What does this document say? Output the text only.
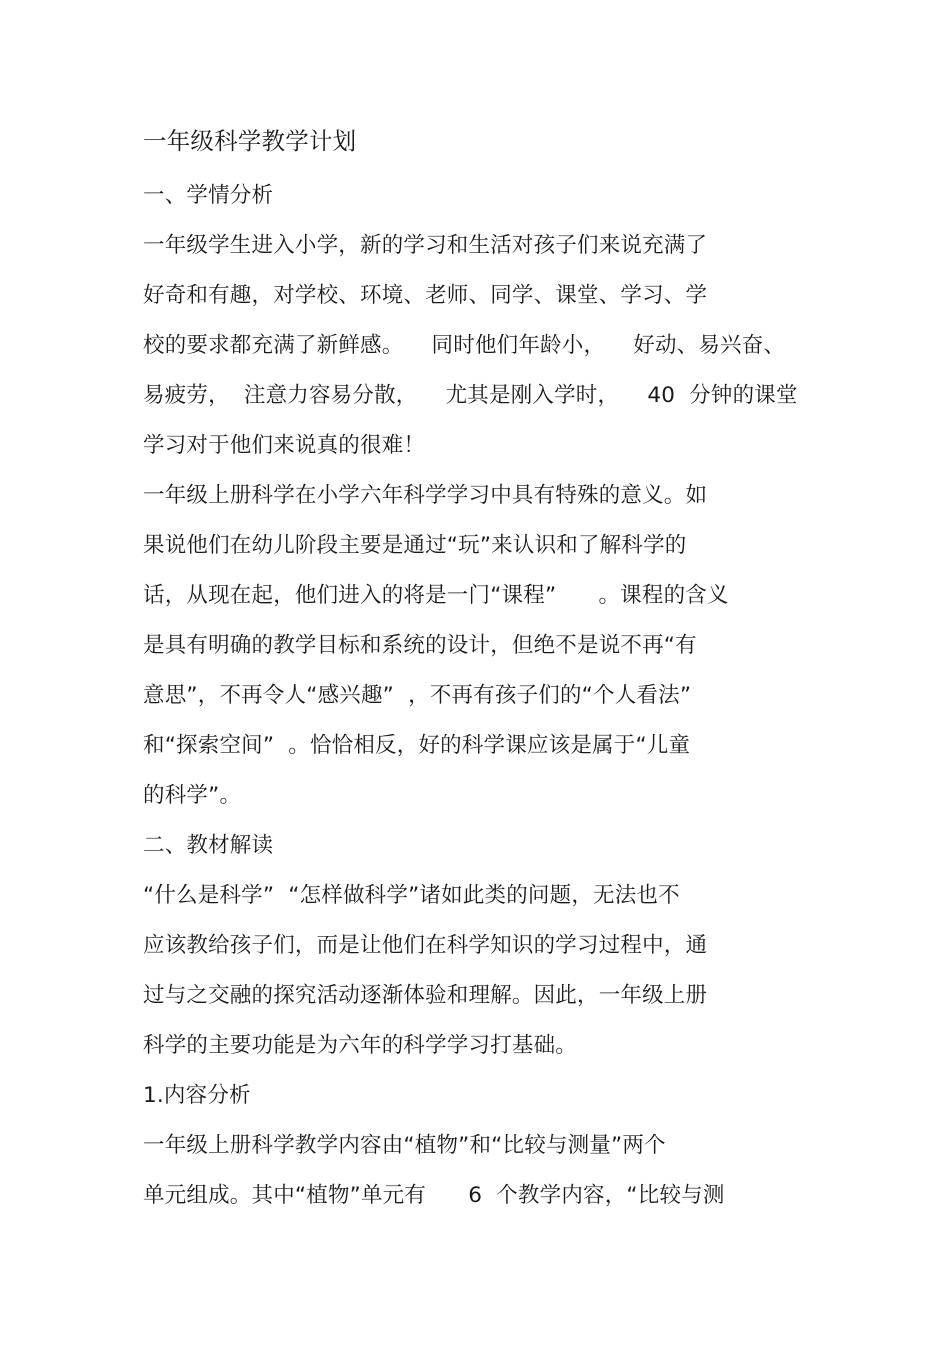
一年级科学教学计划
一、学情分析
一年级学生进入小学，新的学习和生活对孩子们来说充满了
好奇和有趣，对学校、环境、老师、同学、课堂、学习、学
校的要求都充满了新鲜感。    同时他们年龄小，    好动、易兴奋、
易疲劳，  注意力容易分散，    尤其是刚入学时，    40  分钟的课堂
学习对于他们来说真的很难！
一年级上册科学在小学六年科学学习中具有特殊的意义。如
果说他们在幼儿阶段主要是通过“玩”来认识和了解科学的
话，从现在起，他们进入的将是一门“课程”      。课程的含义
是具有明确的教学目标和系统的设计，但绝不是说不再“有
意思”，不再令人“感兴趣”  ，不再有孩子们的“个人看法”
和“探索空间”  。恰恰相反，好的科学课应该是属于“儿童
的科学”。
二、教材解读
“什么是科学”  “怎样做科学”诸如此类的问题，无法也不
应该教给孩子们，而是让他们在科学知识的学习过程中，通
过与之交融的探究活动逐渐体验和理解。因此，一年级上册
科学的主要功能是为六年的科学学习打基础。
1.内容分析
一年级上册科学教学内容由“植物”和“比较与测量”两个
单元组成。其中“植物”单元有      6  个教学内容，“比较与测
